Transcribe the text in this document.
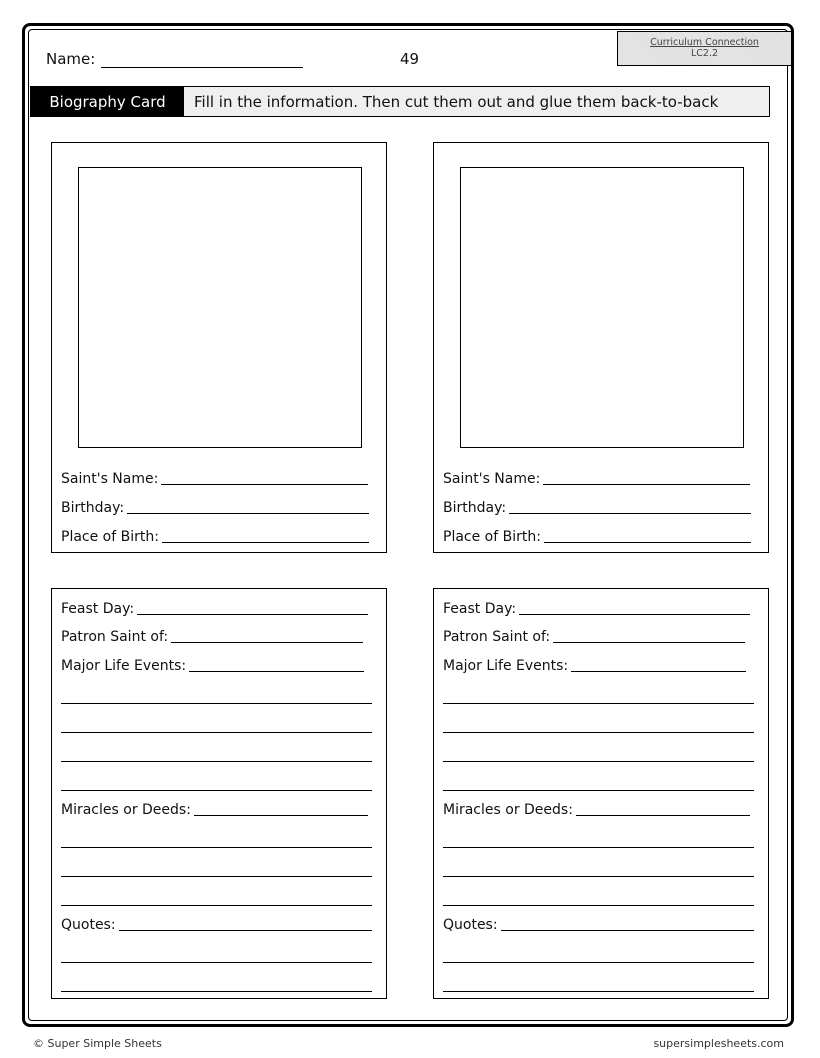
Name:	49
Curriculum Connection
LC2.2
Biography Card	Fill in the information. Then cut them out and glue them back-to-back
Saint's Name:
Birthday:
Place of Birth:
Saint's Name:
Birthday:
Place of Birth:
Feast Day:
Patron Saint of:
Major Life Events:
Miracles or Deeds:
Quotes:
Feast Day:
Patron Saint of:
Major Life Events:
Miracles or Deeds:
Quotes:
© Super Simple Sheets	supersimplesheets.com
